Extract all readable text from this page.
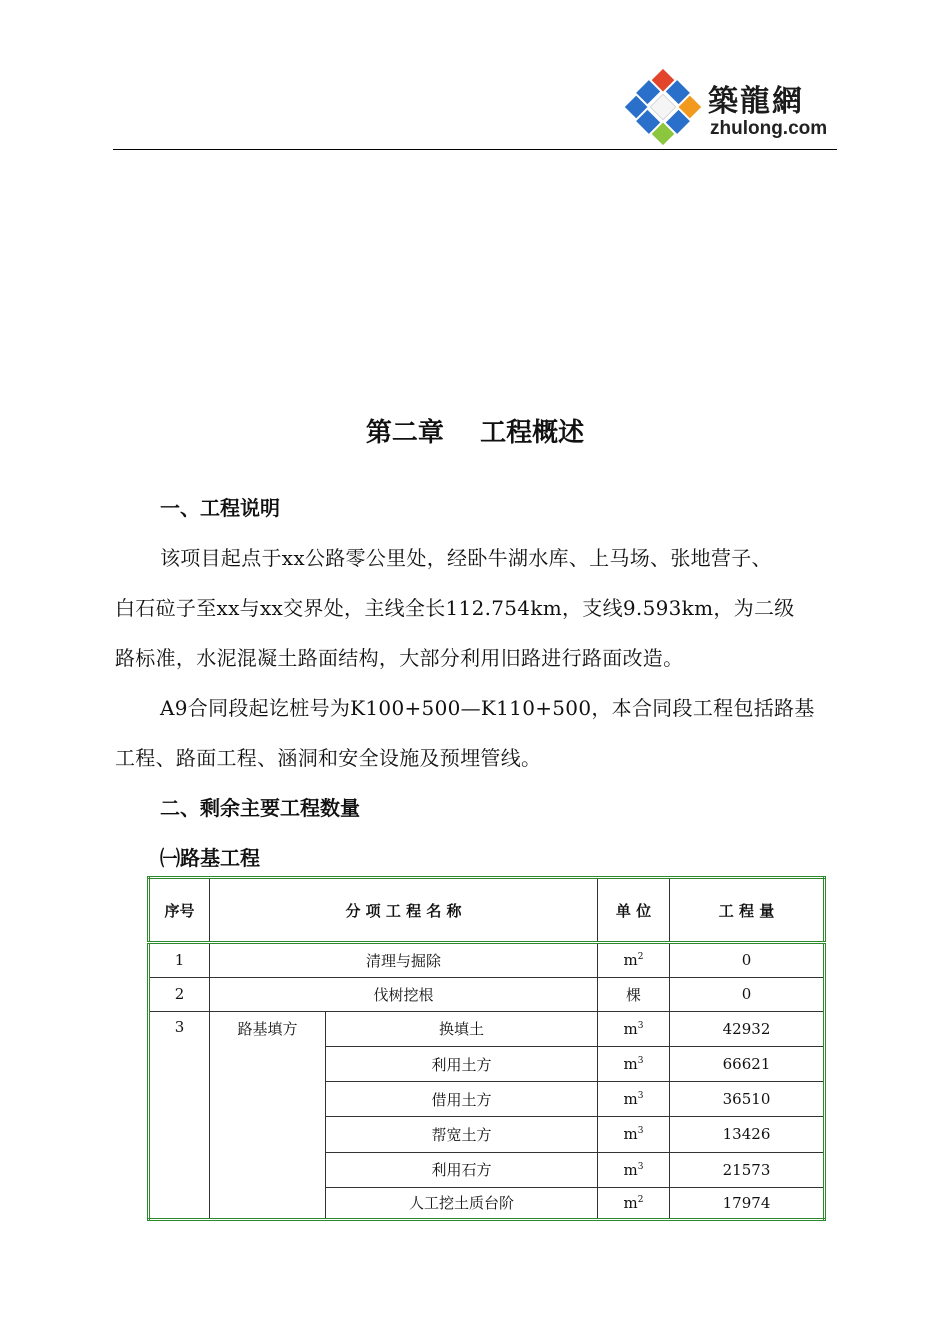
築龍網
zhulong.com
第二章    工程概述
一、工程说明
该项目起点于xx公路零公里处，经卧牛湖水库、上马场、张地营子、
白石砬子至xx与xx交界处，主线全长112.754km，支线9.593km，为二级
路标准，水泥混凝土路面结构，大部分利用旧路进行路面改造。
A9合同段起讫桩号为K100+500—K110+500，本合同段工程包括路基
工程、路面工程、涵洞和安全设施及预埋管线。
二、剩余主要工程数量
㈠路基工程
序号	分 项 工 程 名 称		单 位	工 程 量
1	清理与掘除		$m^2$	0
2	伐树挖根		棵	0
3	路基填方	换填土	$m^3$	42932
		利用土方	$m^3$	66621
		借用土方	$m^3$	36510
		帮宽土方	$m^3$	13426
		利用石方	$m^3$	21573
		人工挖土质台阶	$m^2$	17974
